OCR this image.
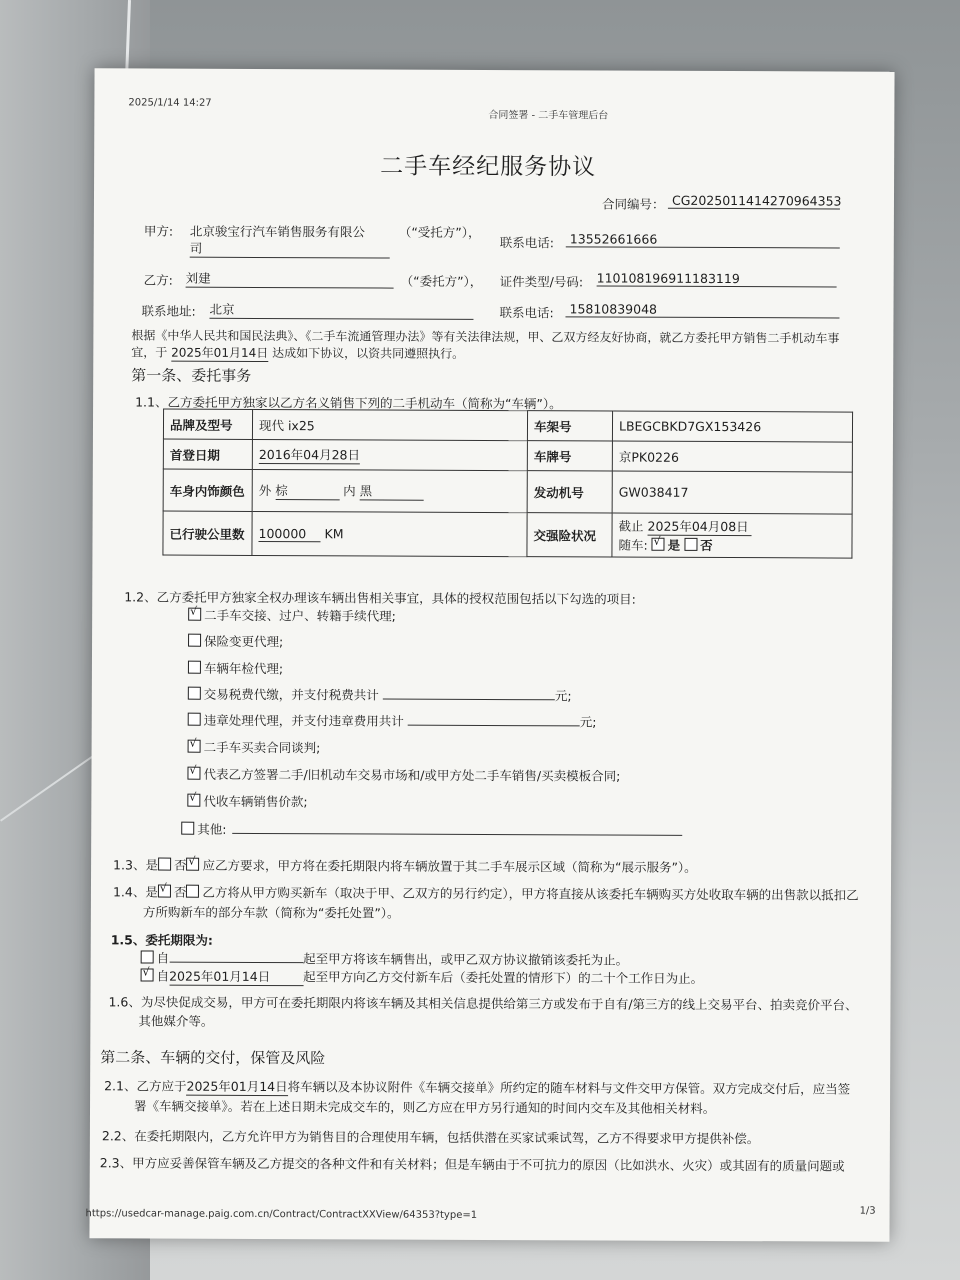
2025/1/14 14:27
合同签署 - 二手车管理后台
二手车经纪服务协议
合同编号： CG2025011414270964353
甲方: 北京骏宝行汽车销售服务有限公
司
（“受托方”），
联系电话:	13552661666
乙方: 刘建	（“委托方”）， 证件类型/号码: 110108196911183119
联系地址: 北京	联系电话:	15810839048
根据《中华人民共和国民法典》、《二手车流通管理办法》等有关法律法规，甲、乙双方经友好协商，就乙方委托甲方销售二手机动车事
宜，于 2025年01月14日 达成如下协议，以资共同遵照执行。
第一条、委托事务
1.1、乙方委托甲方独家以乙方名义销售下列的二手机动车（简称为“车辆”）。
品牌及型号	现代 ix25	车架号	LBEGCBKD7GX153426
首登日期	2016年04月28日	车牌号	京PK0226
车身内饰颜色	外 棕 内 黑	发动机号	GW038417
已行驶公里数	100000 KM	交强险状况	截止 2025年04月08日
随车: √ 是 否
1.2、乙方委托甲方独家全权办理该车辆出售相关事宜，具体的授权范围包括以下勾选的项目:
√二手车交接、过户、转籍手续代理;
保险变更代理;
车辆年检代理;
交易税费代缴，并支付税费共计	元;
违章处理代理，并支付违章费用共计	元;
√二手车买卖合同谈判;
√代表乙方签署二手/旧机动车交易市场和/或甲方处二手车销售/买卖模板合同;
√代收车辆销售价款;
其他:
1.3、是 否 √ 应乙方要求，甲方将在委托期限内将车辆放置于其二手车展示区域（简称为“展示服务”）。
1.4、是 √ 否 乙方将从甲方购买新车（取决于甲、乙双方的另行约定），甲方将直接从该委托车辆购买方处收取车辆的出售款以抵扣乙
方所购新车的部分车款（简称为“委托处置”）。
1.5、委托期限为:
自	起至甲方将该车辆售出，或甲乙双方协议撤销该委托为止。
√自2025年01月14日	起至甲方向乙方交付新车后（委托处置的情形下）的二十个工作日为止。
1.6、为尽快促成交易，甲方可在委托期限内将该车辆及其相关信息提供给第三方或发布于自有/第三方的线上交易平台、拍卖竞价平台、
其他媒介等。
第二条、车辆的交付，保管及风险
2.1、乙方应于2025年01月14日将车辆以及本协议附件《车辆交接单》所约定的随车材料与文件交甲方保管。双方完成交付后，应当签
署《车辆交接单》。若在上述日期未完成交车的，则乙方应在甲方另行通知的时间内交车及其他相关材料。
2.2、在委托期限内，乙方允许甲方为销售目的合理使用车辆，包括供潜在买家试乘试驾，乙方不得要求甲方提供补偿。
2.3、甲方应妥善保管车辆及乙方提交的各种文件和有关材料；但是车辆由于不可抗力的原因（比如洪水、火灾）或其固有的质量问题或
https://usedcar-manage.paig.com.cn/Contract/ContractXXView/64353?type=1	1/3
